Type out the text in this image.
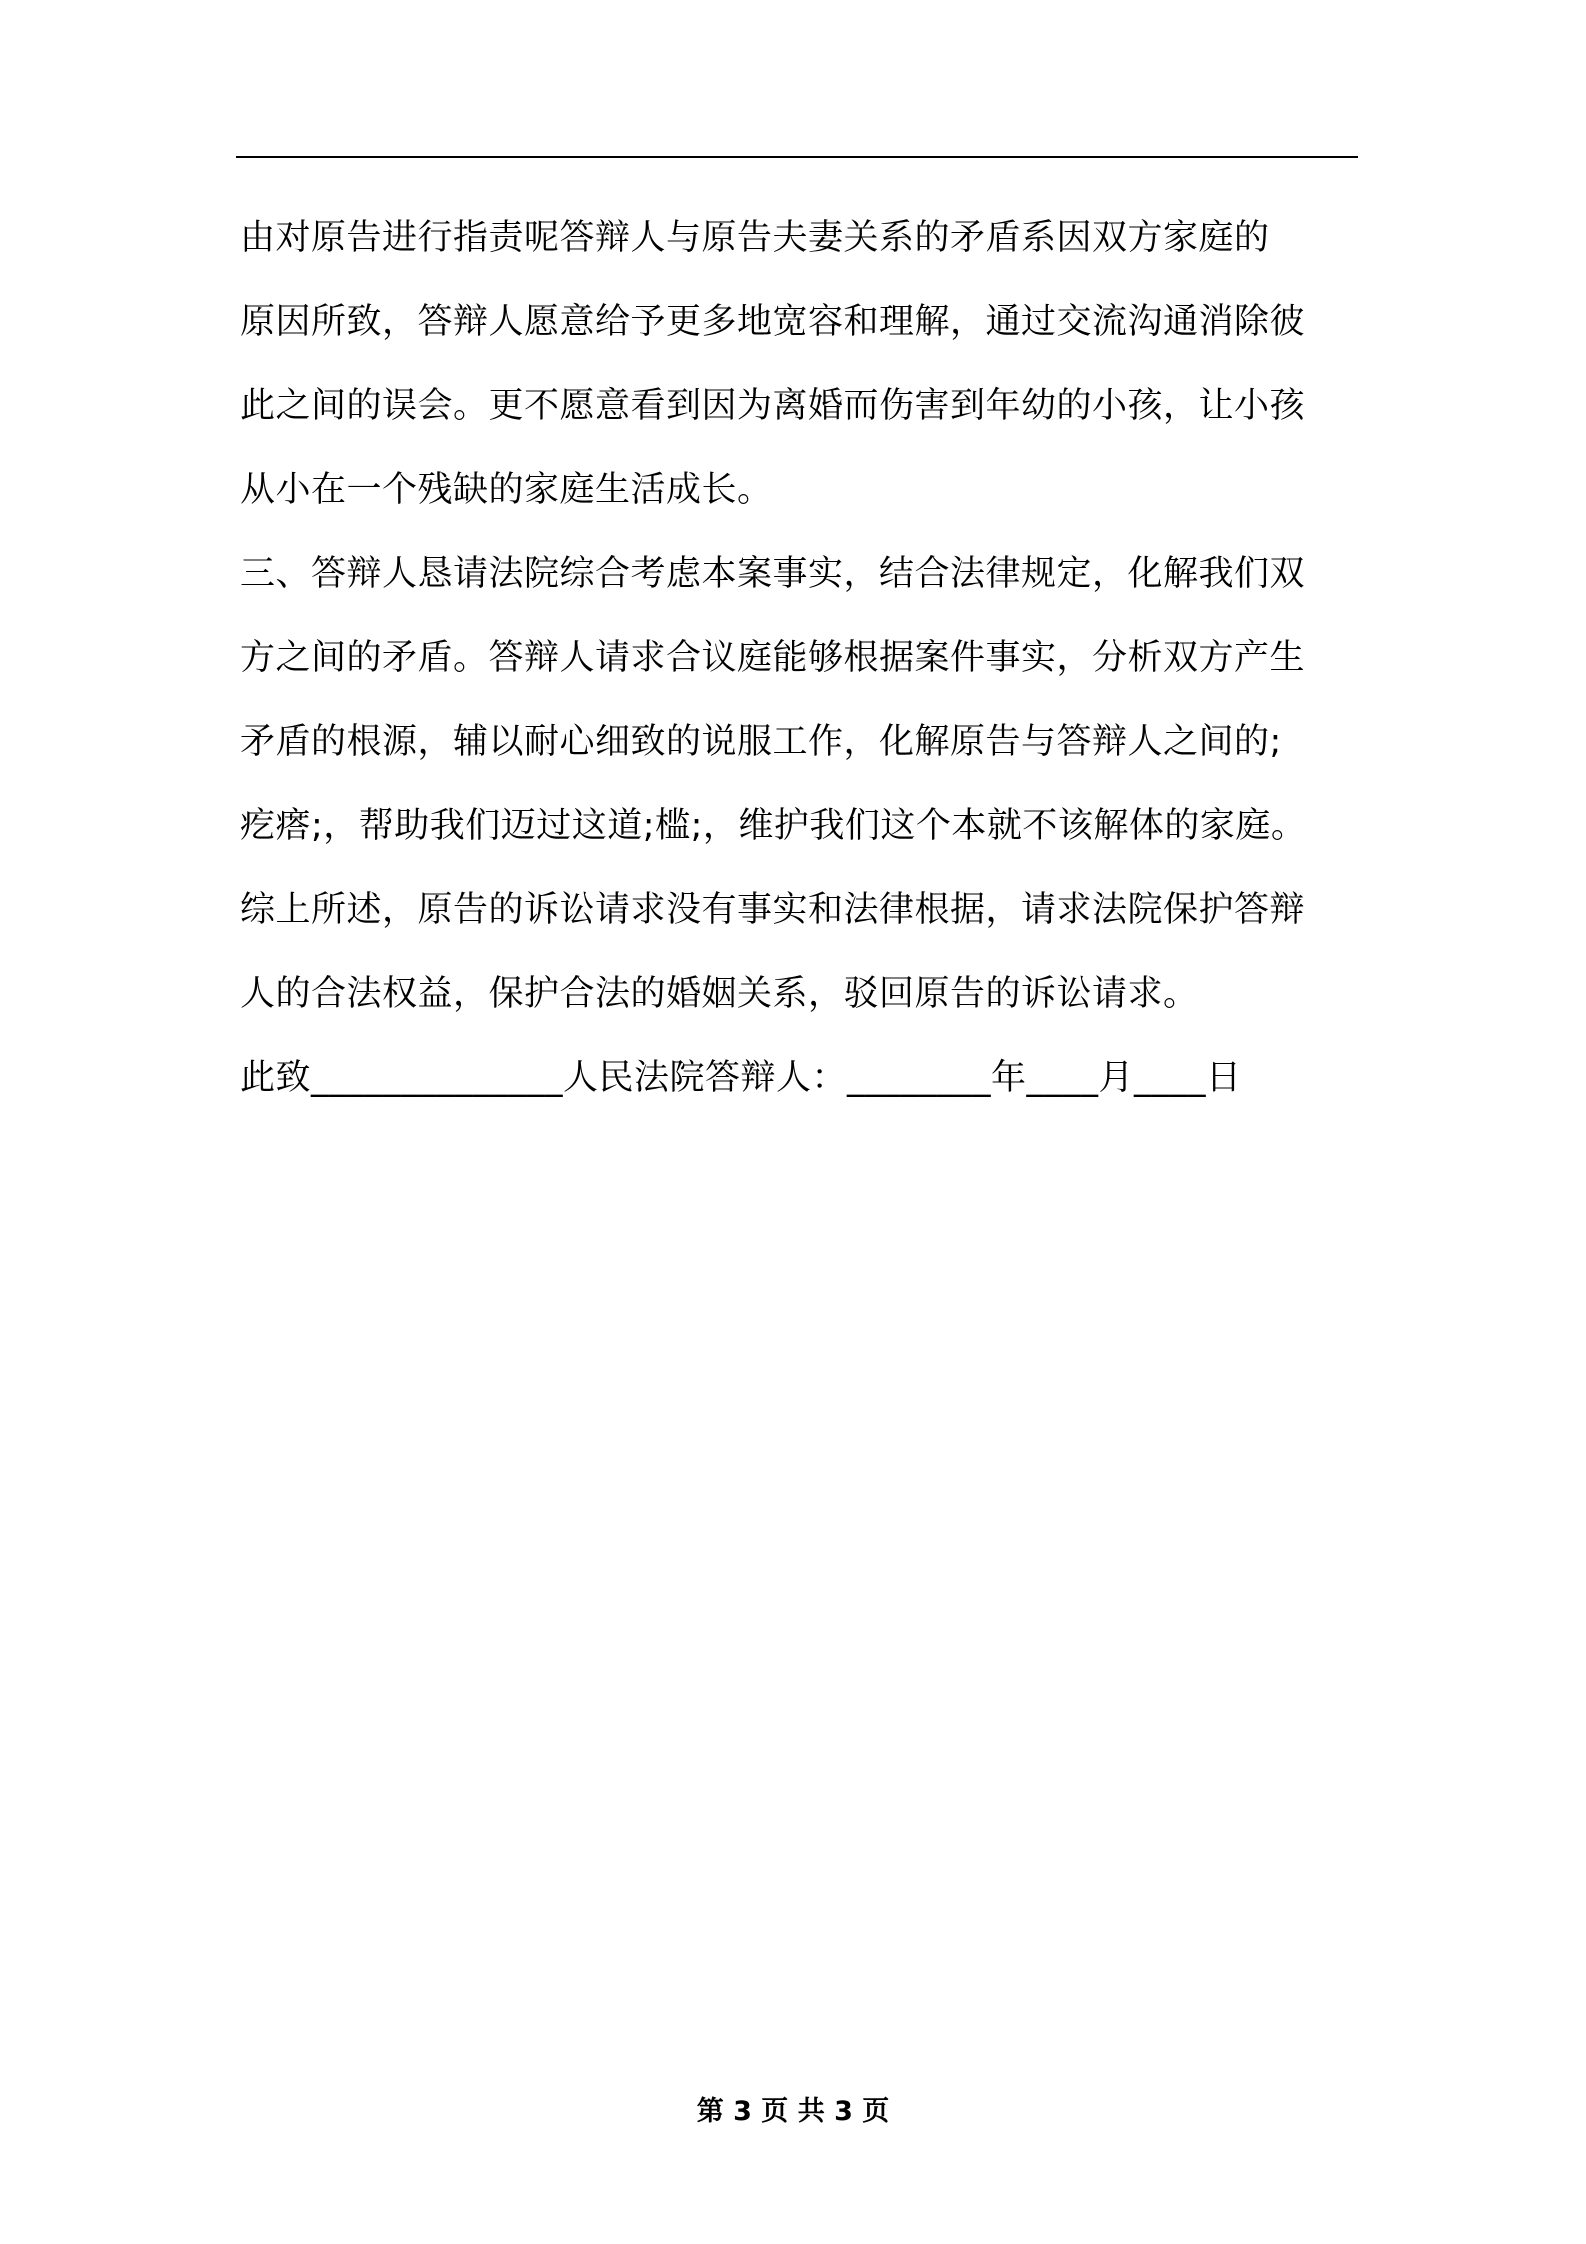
由对原告进行指责呢答辩人与原告夫妻关系的矛盾系因双方家庭的
原因所致，答辩人愿意给予更多地宽容和理解，通过交流沟通消除彼
此之间的误会。更不愿意看到因为离婚而伤害到年幼的小孩，让小孩
从小在一个残缺的家庭生活成长。
三、答辩人恳请法院综合考虑本案事实，结合法律规定，化解我们双
方之间的矛盾。答辩人请求合议庭能够根据案件事实，分析双方产生
矛盾的根源，辅以耐心细致的说服工作，化解原告与答辩人之间的;
疙瘩;，帮助我们迈过这道;槛;，维护我们这个本就不该解体的家庭。
综上所述，原告的诉讼请求没有事实和法律根据，请求法院保护答辩
人的合法权益，保护合法的婚姻关系，驳回原告的诉讼请求。
此致______________人民法院答辩人：________年____月____日
第 3 页 共 3 页
